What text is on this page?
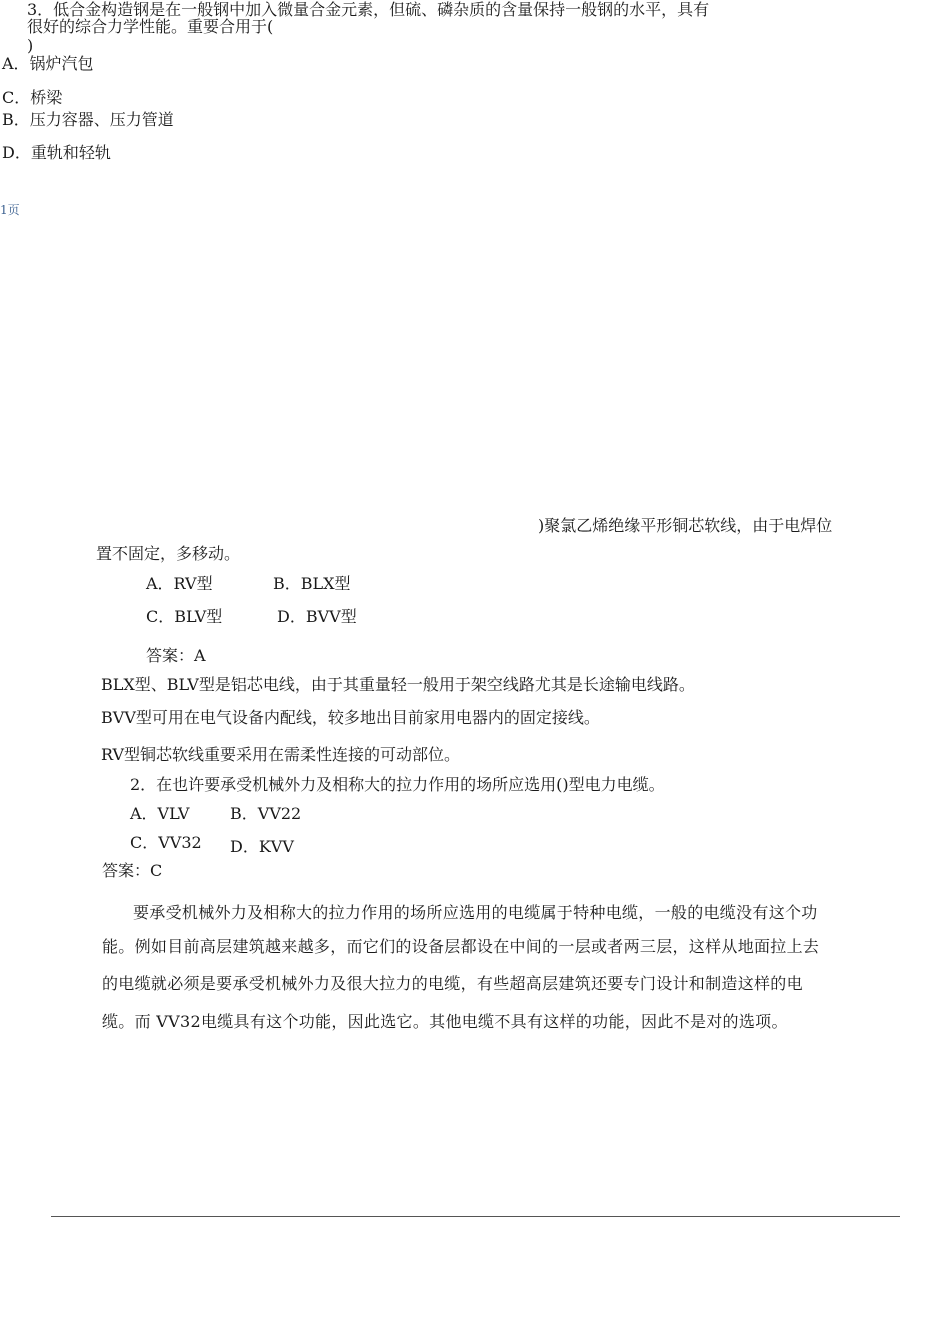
3．低合金构造钢是在一般钢中加入微量合金元素，但硫、磷杂质的含量保持一般钢的水平，具有
很好的综合力学性能。重要合用于(
)
A．锅炉汽包
C．桥梁
B．压力容器、压力管道
D．重轨和轻轨
1页
)聚氯乙烯绝缘平形铜芯软线，由于电焊位
置不固定，多移动。
A．RV型	B．BLX型
C．BLV型	D．BVV型
答案：A
BLX型、BLV型是铝芯电线，由于其重量轻一般用于架空线路尤其是长途输电线路。
BVV型可用在电气设备内配线，较多地出目前家用电器内的固定接线。
RV型铜芯软线重要采用在需柔性连接的可动部位。
2．在也许要承受机械外力及相称大的拉力作用的场所应选用()型电力电缆。
A．VLV	B．VV22
C．VV32 D．KVV
答案：C
要承受机械外力及相称大的拉力作用的场所应选用的电缆属于特种电缆，一般的电缆没有这个功
能。例如目前高层建筑越来越多，而它们的设备层都设在中间的一层或者两三层，这样从地面拉上去
的电缆就必须是要承受机械外力及很大拉力的电缆，有些超高层建筑还要专门设计和制造这样的电
缆。而 VV32电缆具有这个功能，因此选它。其他电缆不具有这样的功能，因此不是对的选项。
